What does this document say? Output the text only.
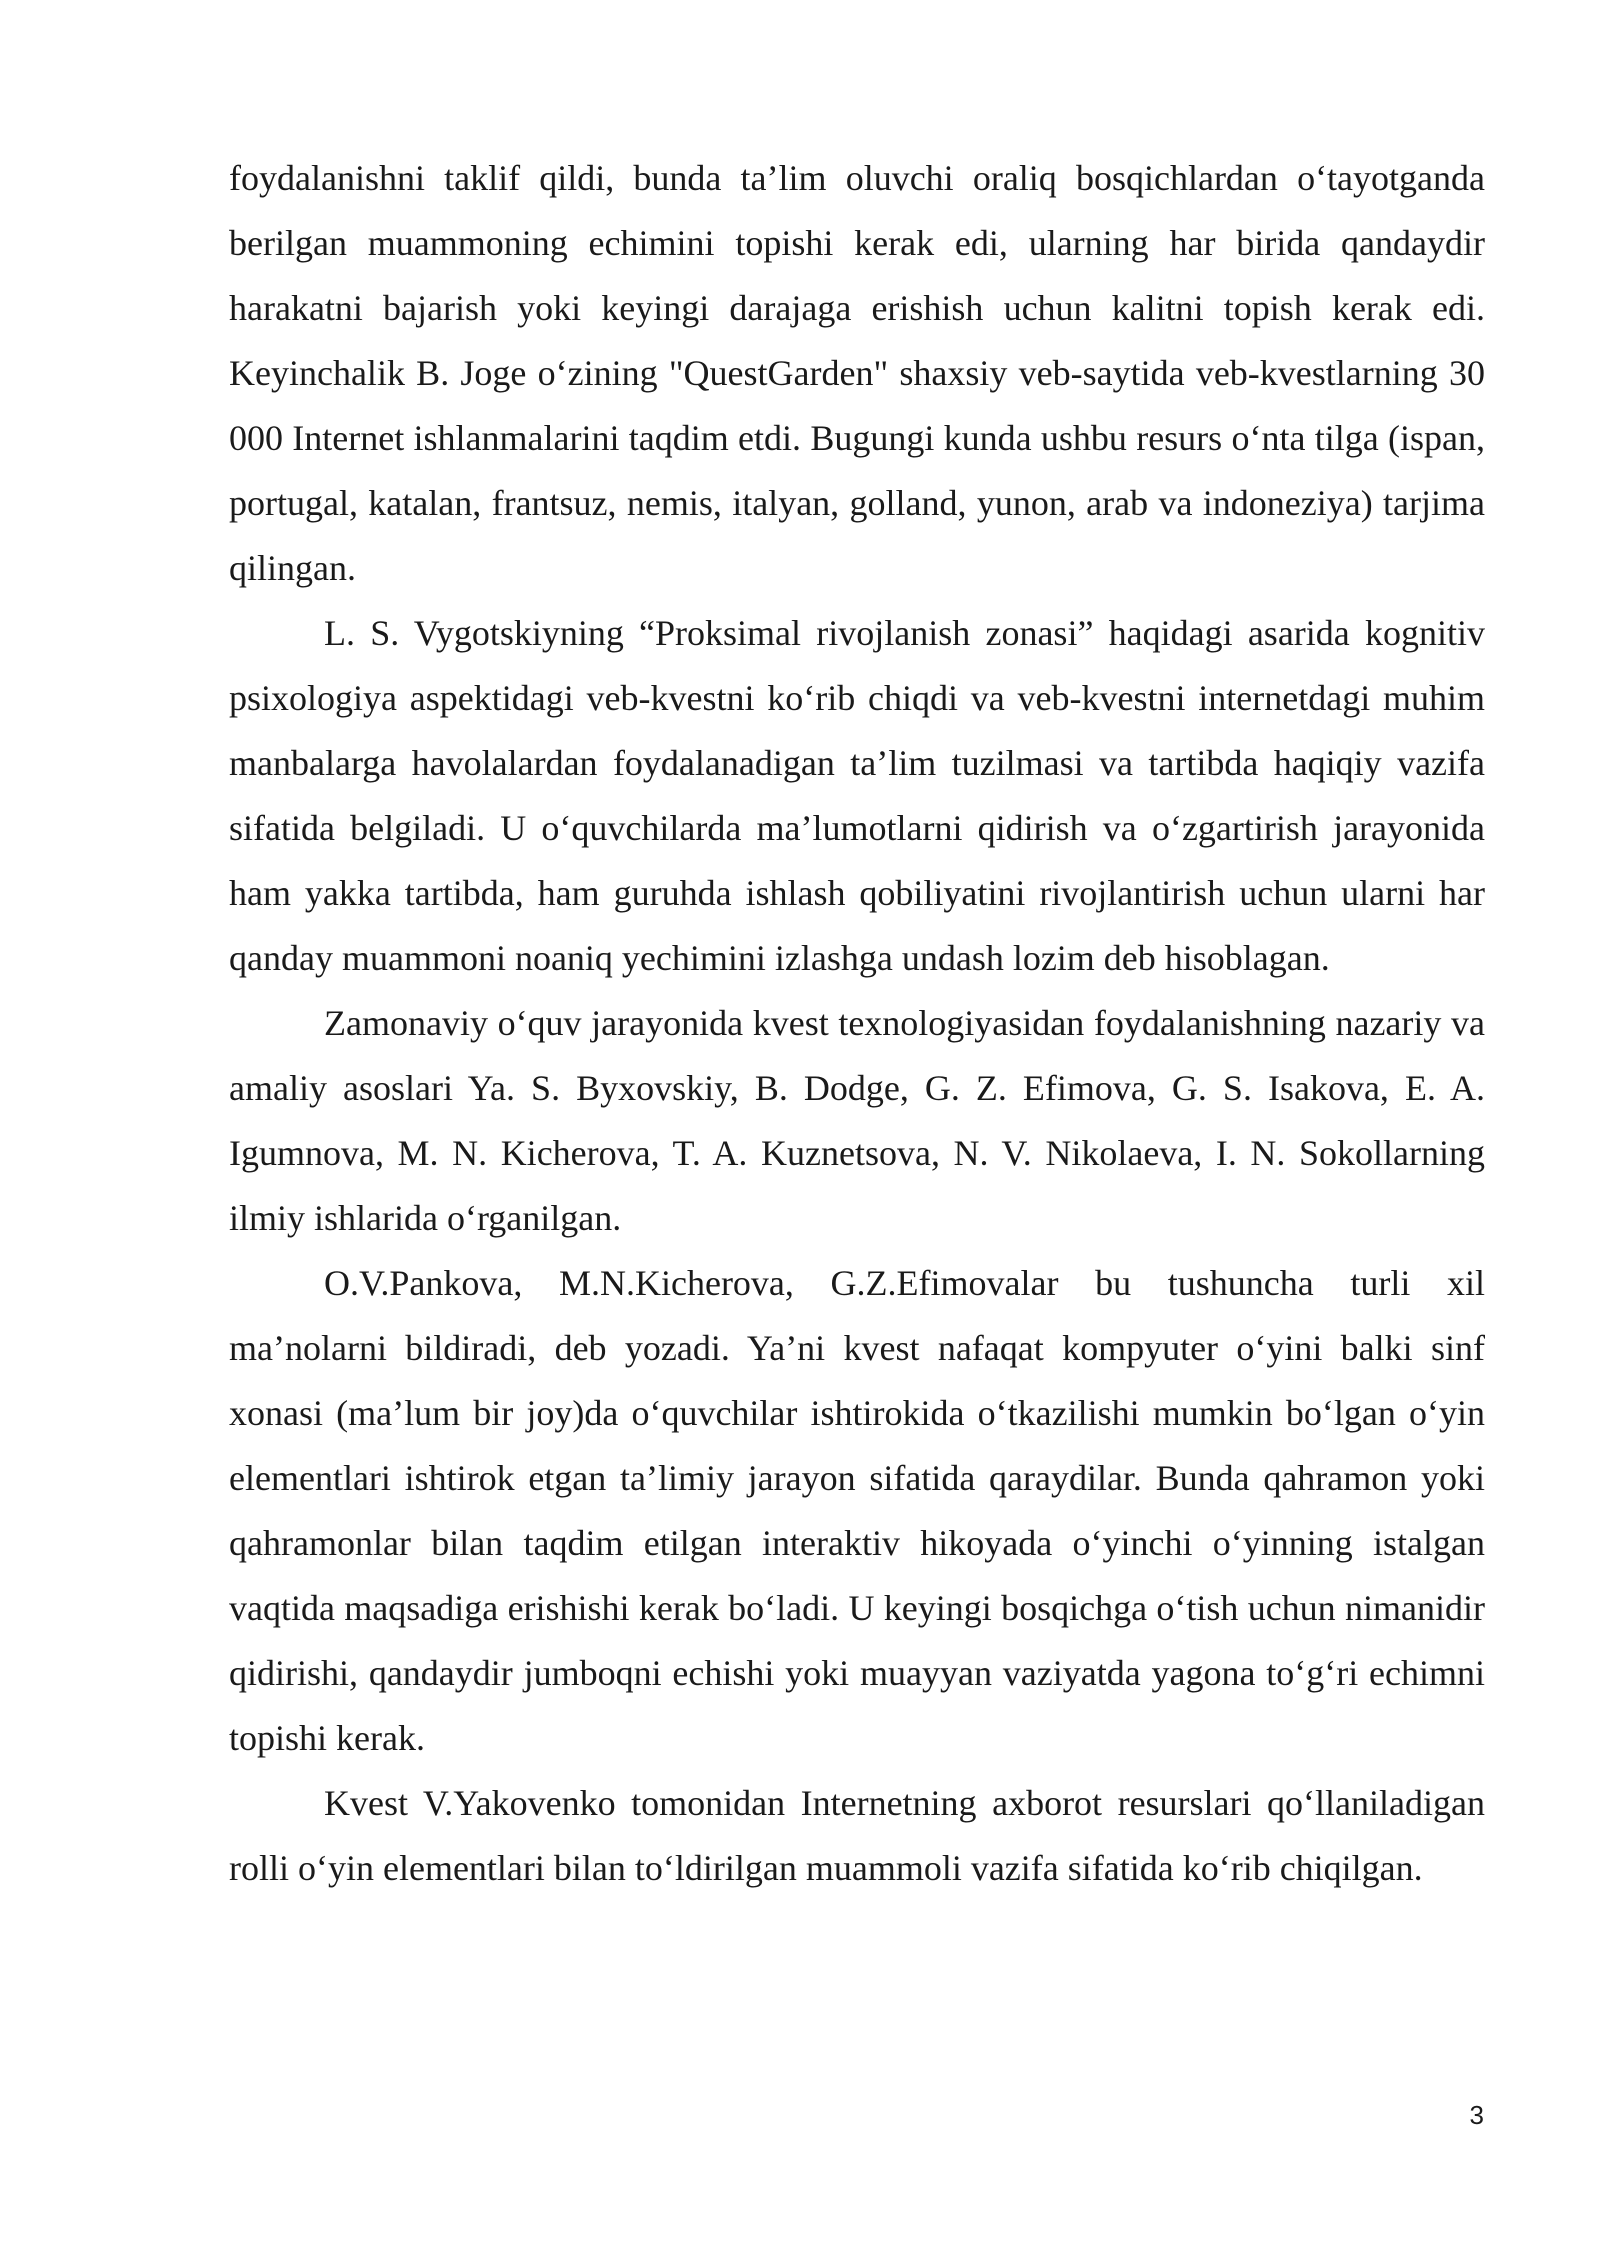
foydalanishni taklif qildi, bunda ta’lim oluvchi oraliq bosqichlardan o‘tayotganda berilgan muammoning echimini topishi kerak edi, ularning har birida qandaydir harakatni bajarish yoki keyingi darajaga erishish uchun kalitni topish kerak edi. Keyinchalik B. Joge o‘zining "QuestGarden" shaxsiy veb-saytida veb-kvestlarning 30 000 Internet ishlanmalarini taqdim etdi. Bugungi kunda ushbu resurs o‘nta tilga (ispan, portugal, katalan, frantsuz, nemis, italyan, golland, yunon, arab va indoneziya) tarjima qilingan.

L. S. Vygotskiyning “Proksimal rivojlanish zonasi” haqidagi asarida kognitiv psixologiya aspektidagi veb-kvestni ko‘rib chiqdi va veb-kvestni internetdagi muhim manbalarga havolalardan foydalanadigan ta’lim tuzilmasi va tartibda haqiqiy vazifa sifatida belgiladi. U o‘quvchilarda ma’lumotlarni qidirish va o‘zgartirish jarayonida ham yakka tartibda, ham guruhda ishlash qobiliyatini rivojlantirish uchun ularni har qanday muammoni noaniq yechimini izlashga undash lozim deb hisoblagan.

Zamonaviy o‘quv jarayonida kvest texnologiyasidan foydalanishning nazariy va amaliy asoslari Ya. S. Byxovskiy, B. Dodge, G. Z. Efimova, G. S. Isakova, E. A. Igumnova, M. N. Kicherova, T. A. Kuznetsova, N. V. Nikolaeva, I. N. Sokollarning ilmiy ishlarida o‘rganilgan.

O.V.Pankova, M.N.Kicherova, G.Z.Efimovalar bu tushuncha turli xil ma’nolarni bildiradi, deb yozadi. Ya’ni kvest nafaqat kompyuter o‘yini balki sinf xonasi (ma’lum bir joy)da o‘quvchilar ishtirokida o‘tkazilishi mumkin bo‘lgan o‘yin elementlari ishtirok etgan ta’limiy jarayon sifatida qaraydilar. Bunda qahramon yoki qahramonlar bilan taqdim etilgan interaktiv hikoyada o‘yinchi o‘yinning istalgan vaqtida maqsadiga erishishi kerak bo‘ladi. U keyingi bosqichga o‘tish uchun nimanidir qidirishi, qandaydir jumboqni echishi yoki muayyan vaziyatda yagona to‘g‘ri echimni topishi kerak.

Kvest V.Yakovenko tomonidan Internetning axborot resurslari qo‘llaniladigan rolli o‘yin elementlari bilan to‘ldirilgan muammoli vazifa sifatida ko‘rib chiqilgan.

3
